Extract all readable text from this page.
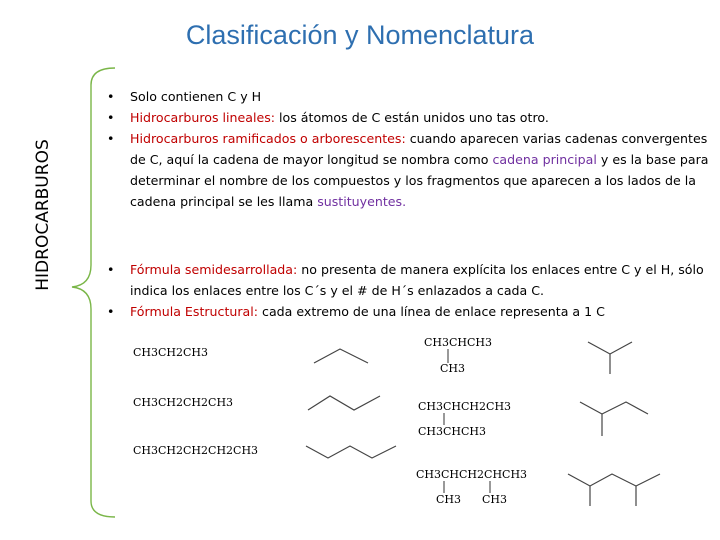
Clasificación y Nomenclatura
HIDROCARBUROS
• Solo contienen C y H
• Hidrocarburos lineales: los átomos de C están unidos uno tas otro.
• Hidrocarburos ramificados o arborescentes: cuando aparecen varias cadenas convergentes de C, aquí la cadena de mayor longitud se nombra como cadena principal y es la base para determinar el nombre de los compuestos y los fragmentos que aparecen a los lados de la cadena principal se les llama sustituyentes.
• Fórmula semidesarrollada: no presenta de manera explícita los enlaces entre C y el H, sólo indica los enlaces entre los C´s y el # de H´s enlazados a cada C.
• Fórmula Estructural: cada extremo de una línea de enlace representa a 1 C
CH3CH2CH3
CH3CH2CH2CH3
CH3CH2CH2CH2CH3
CH3CHCH3
CH3
CH3CHCH2CH3
CH3CHCH3
CH3CHCH2CHCH3
CH3 CH3
